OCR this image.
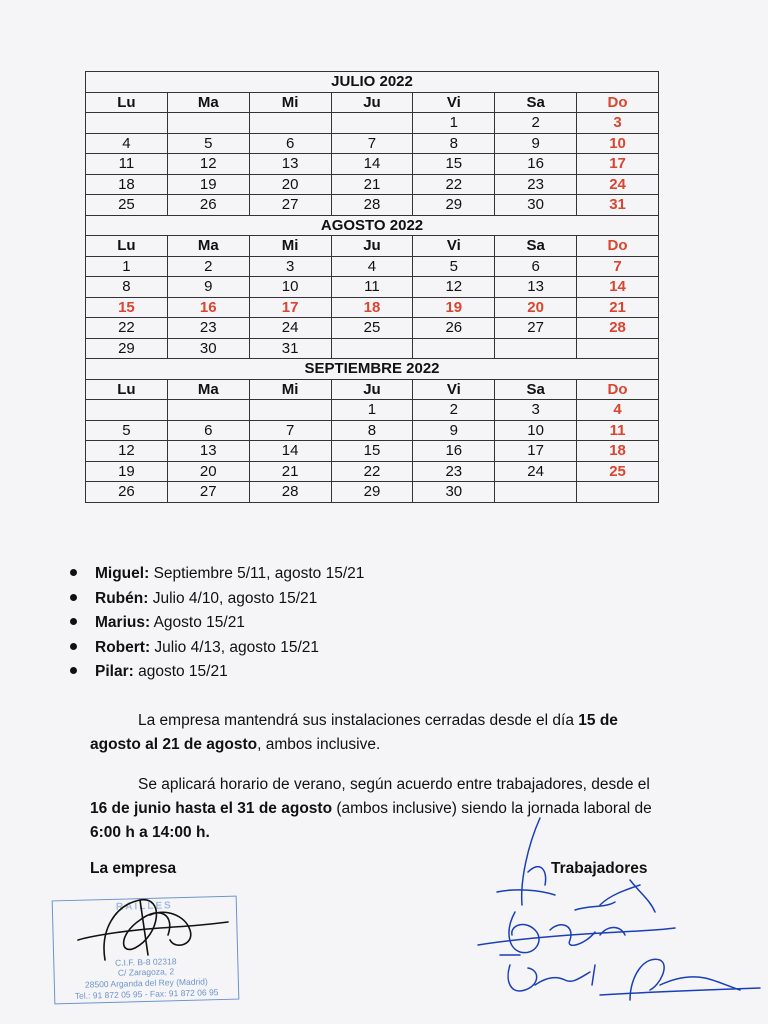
JULIO 2022						
Lu	Ma	Mi	Ju	Vi	Sa	Do
				1	2	3
4	5	6	7	8	9	10
11	12	13	14	15	16	17
18	19	20	21	22	23	24
25	26	27	28	29	30	31
AGOSTO 2022						
Lu	Ma	Mi	Ju	Vi	Sa	Do
1	2	3	4	5	6	7
8	9	10	11	12	13	14
15	16	17	18	19	20	21
22	23	24	25	26	27	28
29	30	31				
SEPTIEMBRE 2022						
Lu	Ma	Mi	Ju	Vi	Sa	Do
			1	2	3	4
5	6	7	8	9	10	11
12	13	14	15	16	17	18
19	20	21	22	23	24	25
26	27	28	29	30		
Miguel: Septiembre 5/11, agosto 15/21
Rubén: Julio 4/10, agosto 15/21
Marius: Agosto 15/21
Robert: Julio 4/13, agosto 15/21
Pilar: agosto 15/21
La empresa mantendrá sus instalaciones cerradas desde el día 15 de agosto al 21 de agosto, ambos inclusive.
Se aplicará horario de verano, según acuerdo entre trabajadores, desde el 16 de junio hasta el 31 de agosto (ambos inclusive) siendo la jornada laboral de 6:00 h a 14:00 h.
La empresa	Trabajadores
RAILLES
C.I.F. B-8 02318
C/ Zaragoza, 2
28500 Arganda del Rey (Madrid)
Tel.: 91 872 05 95 - Fax: 91 872 06 95
